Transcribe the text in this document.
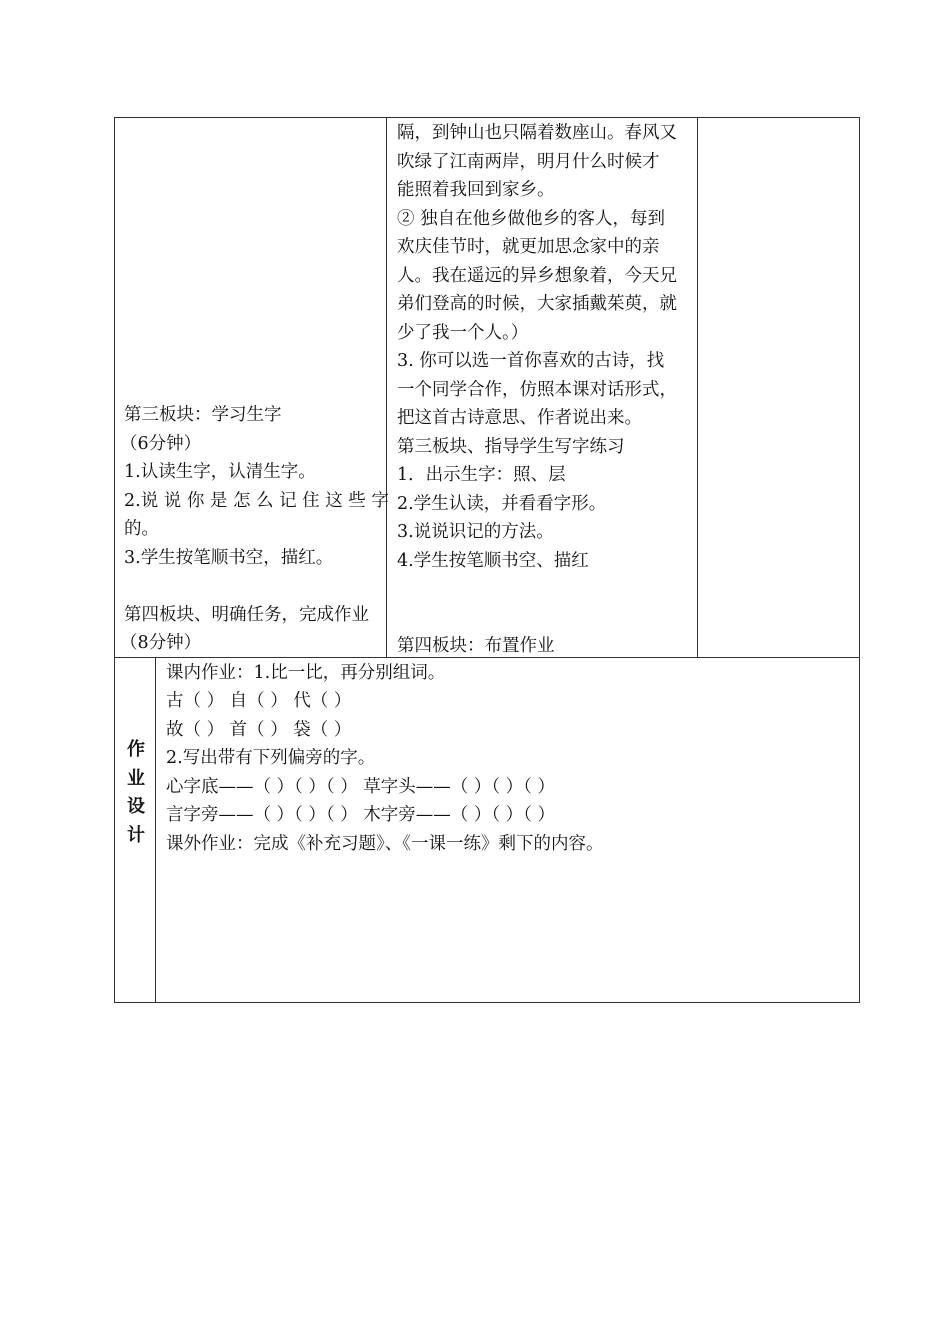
第三板块：学习生字
（6分钟）
1.认读生字，认清生字。
2.说 说 你 是 怎 么 记 住 这 些 字
的。
3.学生按笔顺书空，描红。
第四板块、明确任务，完成作业
（8分钟）
隔，到钟山也只隔着数座山。春风又
吹绿了江南两岸，明月什么时候才
能照着我回到家乡。
② 独自在他乡做他乡的客人，每到
欢庆佳节时，就更加思念家中的亲
人。我在遥远的异乡想象着，今天兄
弟们登高的时候，大家插戴茱萸，就
少了我一个人。）
3. 你可以选一首你喜欢的古诗，找
一个同学合作，仿照本课对话形式，
把这首古诗意思、作者说出来。
第三板块、指导学生写字练习
1．出示生字：照、层
2.学生认读，并看看字形。
3.说说识记的方法。
4.学生按笔顺书空、描红
第四板块：布置作业
作
业
设
计
课内作业：1.比一比，再分别组词。
古（ ） 自（ ） 代（ ）
故（ ） 首（ ） 袋（ ）
2.写出带有下列偏旁的字。
心字底——（ ）（ ）（ ） 草字头——（ ）（ ）（ ）
言字旁——（ ）（ ）（ ） 木字旁——（ ）（ ）（ ）
课外作业：完成《补充习题》、《一课一练》剩下的内容。
